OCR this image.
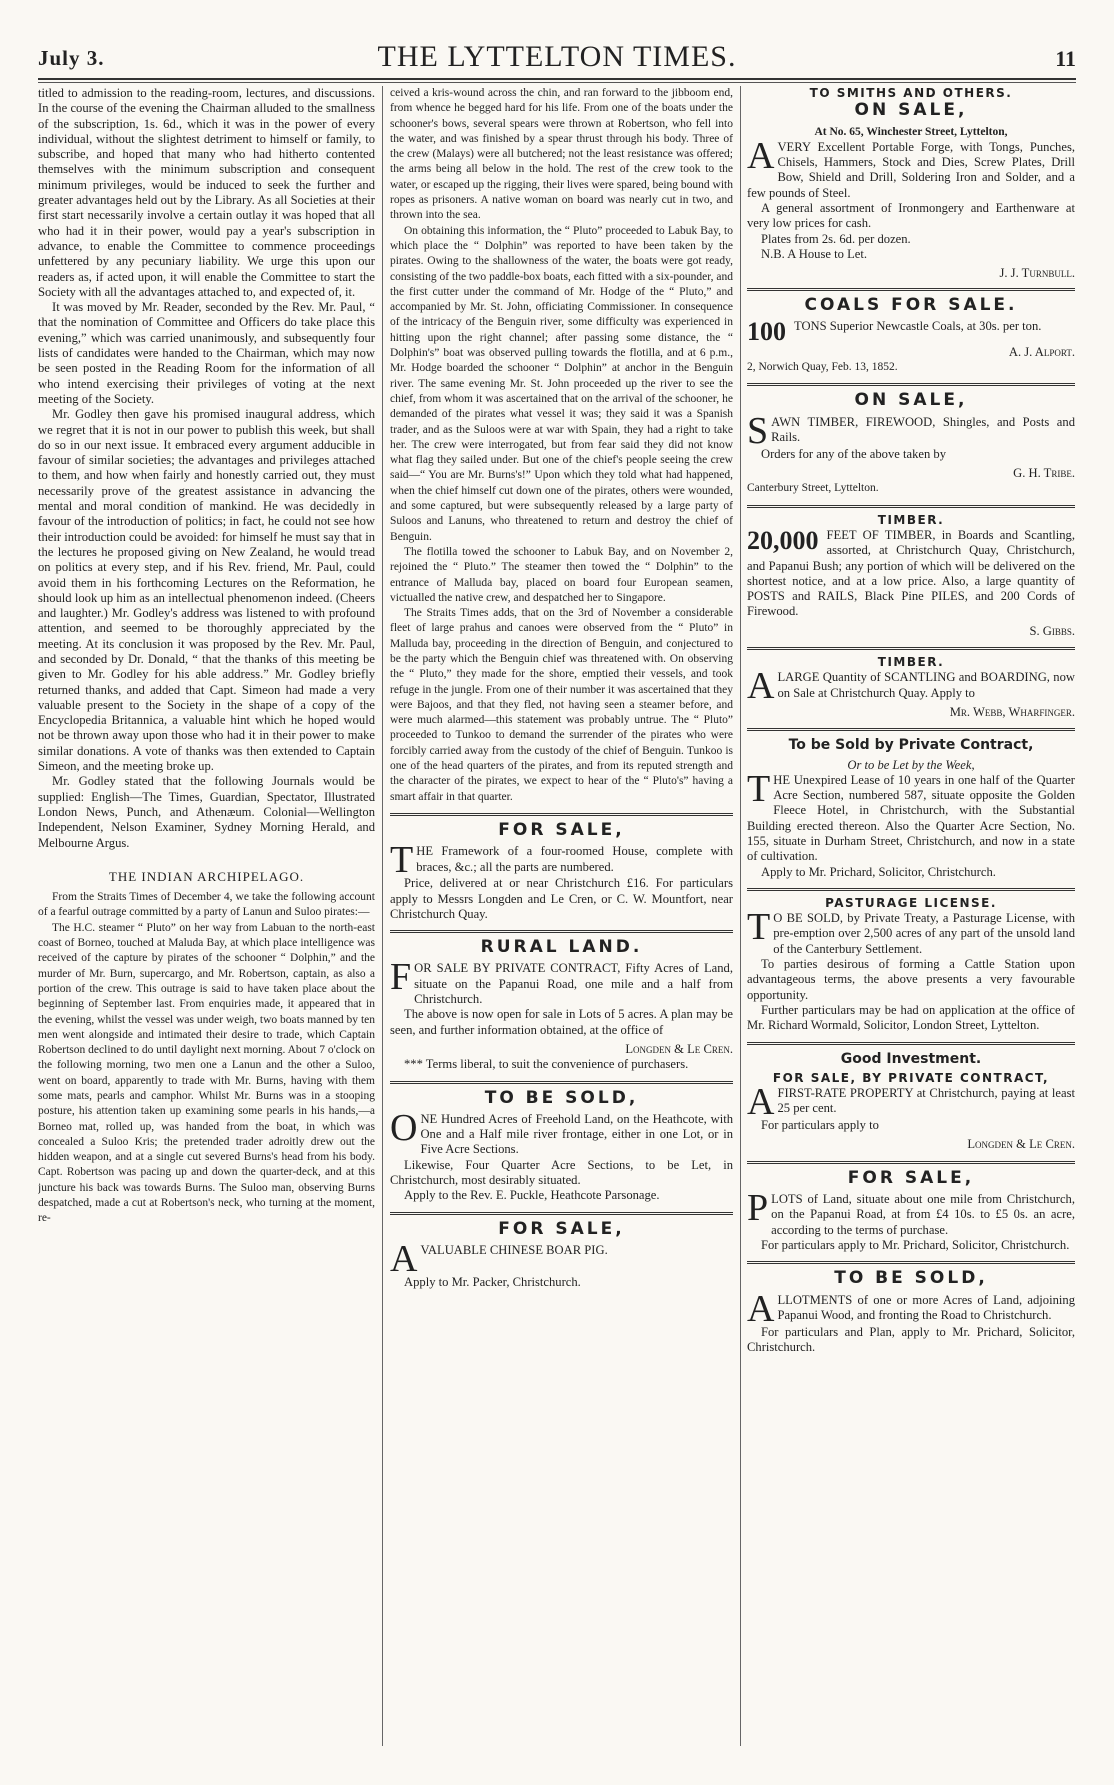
July 3.	THE LYTTELTON TIMES.	11

titled to admission to the reading-room, lectures, and discussions. In the course of the evening the Chairman alluded to the smallness of the subscription, 1s. 6d., which it was in the power of every individual, without the slightest detriment to himself or family, to subscribe, and hoped that many who had hitherto contented themselves with the minimum subscription and consequent minimum privileges, would be induced to seek the further and greater advantages held out by the Library. As all Societies at their first start necessarily involve a certain outlay it was hoped that all who had it in their power, would pay a year's subscription in advance, to enable the Committee to commence proceedings unfettered by any pecuniary liability. We urge this upon our readers as, if acted upon, it will enable the Committee to start the Society with all the advantages attached to, and expected of, it.

It was moved by Mr. Reader, seconded by the Rev. Mr. Paul, “ that the nomination of Committee and Officers do take place this evening,” which was carried unanimously, and subsequently four lists of candidates were handed to the Chairman, which may now be seen posted in the Reading Room for the information of all who intend exercising their privileges of voting at the next meeting of the Society.

Mr. Godley then gave his promised inaugural address, which we regret that it is not in our power to publish this week, but shall do so in our next issue. It embraced every argument adducible in favour of similar societies; the advantages and privileges attached to them, and how when fairly and honestly carried out, they must necessarily prove of the greatest assistance in advancing the mental and moral condition of mankind. He was decidedly in favour of the introduction of politics; in fact, he could not see how their introduction could be avoided: for himself he must say that in the lectures he proposed giving on New Zealand, he would tread on politics at every step, and if his Rev. friend, Mr. Paul, could avoid them in his forthcoming Lectures on the Reformation, he should look up him as an intellectual phenomenon indeed. (Cheers and laughter.) Mr. Godley's address was listened to with profound attention, and seemed to be thoroughly appreciated by the meeting. At its conclusion it was proposed by the Rev. Mr. Paul, and seconded by Dr. Donald, “ that the thanks of this meeting be given to Mr. Godley for his able address.” Mr. Godley briefly returned thanks, and added that Capt. Simeon had made a very valuable present to the Society in the shape of a copy of the Encyclopedia Britannica, a valuable hint which he hoped would not be thrown away upon those who had it in their power to make similar donations. A vote of thanks was then extended to Captain Simeon, and the meeting broke up.

Mr. Godley stated that the following Journals would be supplied: English—The Times, Guardian, Spectator, Illustrated London News, Punch, and Athenæum. Colonial—Wellington Independent, Nelson Examiner, Sydney Morning Herald, and Melbourne Argus.

THE INDIAN ARCHIPELAGO.

From the Straits Times of December 4, we take the following account of a fearful outrage committed by a party of Lanun and Suloo pirates:—

The H.C. steamer “ Pluto” on her way from Labuan to the north-east coast of Borneo, touched at Maluda Bay, at which place intelligence was received of the capture by pirates of the schooner “ Dolphin,” and the murder of Mr. Burn, supercargo, and Mr. Robertson, captain, as also a portion of the crew. This outrage is said to have taken place about the beginning of September last. From enquiries made, it appeared that in the evening, whilst the vessel was under weigh, two boats manned by ten men went alongside and intimated their desire to trade, which Captain Robertson declined to do until daylight next morning. About 7 o'clock on the following morning, two men one a Lanun and the other a Suloo, went on board, apparently to trade with Mr. Burns, having with them some mats, pearls and camphor. Whilst Mr. Burns was in a stooping posture, his attention taken up examining some pearls in his hands,—a Borneo mat, rolled up, was handed from the boat, in which was concealed a Suloo Kris; the pretended trader adroitly drew out the hidden weapon, and at a single cut severed Burns's head from his body. Capt. Robertson was pacing up and down the quarter-deck, and at this juncture his back was towards Burns. The Suloo man, observing Burns despatched, made a cut at Robertson's neck, who turning at the moment, re-

ceived a kris-wound across the chin, and ran forward to the jibboom end, from whence he begged hard for his life. From one of the boats under the schooner's bows, several spears were thrown at Robertson, who fell into the water, and was finished by a spear thrust through his body. Three of the crew (Malays) were all butchered; not the least resistance was offered; the arms being all below in the hold. The rest of the crew took to the water, or escaped up the rigging, their lives were spared, being bound with ropes as prisoners. A native woman on board was nearly cut in two, and thrown into the sea.

On obtaining this information, the “ Pluto” proceeded to Labuk Bay, to which place the “ Dolphin” was reported to have been taken by the pirates. Owing to the shallowness of the water, the boats were got ready, consisting of the two paddle-box boats, each fitted with a six-pounder, and the first cutter under the command of Mr. Hodge of the “ Pluto,” and accompanied by Mr. St. John, officiating Commissioner. In consequence of the intricacy of the Benguin river, some difficulty was experienced in hitting upon the right channel; after passing some distance, the “ Dolphin's” boat was observed pulling towards the flotilla, and at 6 p.m., Mr. Hodge boarded the schooner “ Dolphin” at anchor in the Benguin river. The same evening Mr. St. John proceeded up the river to see the chief, from whom it was ascertained that on the arrival of the schooner, he demanded of the pirates what vessel it was; they said it was a Spanish trader, and as the Suloos were at war with Spain, they had a right to take her. The crew were interrogated, but from fear said they did not know what flag they sailed under. But one of the chief's people seeing the crew said—“ You are Mr. Burns's!” Upon which they told what had happened, when the chief himself cut down one of the pirates, others were wounded, and some captured, but were subsequently released by a large party of Suloos and Lanuns, who threatened to return and destroy the chief of Benguin.

The flotilla towed the schooner to Labuk Bay, and on November 2, rejoined the “ Pluto.” The steamer then towed the “ Dolphin” to the entrance of Malluda bay, placed on board four European seamen, victualled the native crew, and despatched her to Singapore.

The Straits Times adds, that on the 3rd of November a considerable fleet of large prahus and canoes were observed from the “ Pluto” in Malluda bay, proceeding in the direction of Benguin, and conjectured to be the party which the Benguin chief was threatened with. On observing the “ Pluto,” they made for the shore, emptied their vessels, and took refuge in the jungle. From one of their number it was ascertained that they were Bajoos, and that they fled, not having seen a steamer before, and were much alarmed—this statement was probably untrue. The “ Pluto” proceeded to Tunkoo to demand the surrender of the pirates who were forcibly carried away from the custody of the chief of Benguin. Tunkoo is one of the head quarters of the pirates, and from its reputed strength and the character of the pirates, we expect to hear of the “ Pluto's” having a smart affair in that quarter.

FOR SALE,
T HE Framework of a four-roomed House, complete with braces, &c.; all the parts are numbered.

Price, delivered at or near Christchurch £16. For particulars apply to Messrs Longden and Le Cren, or C. W. Mountfort, near Christchurch Quay.

RURAL LAND.
F OR SALE BY PRIVATE CONTRACT, Fifty Acres of Land, situate on the Papanui Road, one mile and a half from Christchurch.

The above is now open for sale in Lots of 5 acres. A plan may be seen, and further information obtained, at the office of

Longden & Le Cren.

*** Terms liberal, to suit the convenience of purchasers.

TO BE SOLD,
O NE Hundred Acres of Freehold Land, on the Heathcote, with One and a Half mile river frontage, either in one Lot, or in Five Acre Sections.

Likewise, Four Quarter Acre Sections, to be Let, in Christchurch, most desirably situated.

Apply to the Rev. E. Puckle, Heathcote Parsonage.

FOR SALE,
A VALUABLE CHINESE BOAR PIG.

Apply to Mr. Packer, Christchurch.

TO SMITHS AND OTHERS.
ON SALE,
At No. 65, Winchester Street, Lyttelton,
A VERY Excellent Portable Forge, with Tongs, Punches, Chisels, Hammers, Stock and Dies, Screw Plates, Drill Bow, Shield and Drill, Soldering Iron and Solder, and a few pounds of Steel.

A general assortment of Ironmongery and Earthenware at very low prices for cash.

Plates from 2s. 6d. per dozen.

N.B. A House to Let.

J. J. Turnbull.
COALS FOR SALE.
100 TONS Superior Newcastle Coals, at 30s. per ton.
A. J. Alport.
2, Norwich Quay, Feb. 13, 1852.
ON SALE,
S AWN TIMBER, FIREWOOD, Shingles, and Posts and Rails.

Orders for any of the above taken by

G. H. Tribe.
Canterbury Street, Lyttelton.
TIMBER.
20,000 FEET OF TIMBER, in Boards and Scantling, assorted, at Christchurch Quay, Christchurch, and Papanui Bush; any portion of which will be delivered on the shortest notice, and at a low price. Also, a large quantity of POSTS and RAILS, Black Pine PILES, and 200 Cords of Firewood.
S. Gibbs.
TIMBER.
A LARGE Quantity of SCANTLING and BOARDING, now on Sale at Christchurch Quay. Apply to
Mr. Webb, Wharfinger.
To be Sold by Private Contract,
Or to be Let by the Week,
T HE Unexpired Lease of 10 years in one half of the Quarter Acre Section, numbered 587, situate opposite the Golden Fleece Hotel, in Christchurch, with the Substantial Building erected thereon. Also the Quarter Acre Section, No. 155, situate in Durham Street, Christchurch, and now in a state of cultivation.

Apply to Mr. Prichard, Solicitor, Christchurch.

PASTURAGE LICENSE.
T O BE SOLD, by Private Treaty, a Pasturage License, with pre-emption over 2,500 acres of any part of the unsold land of the Canterbury Settlement.

To parties desirous of forming a Cattle Station upon advantageous terms, the above presents a very favourable opportunity.

Further particulars may be had on application at the office of Mr. Richard Wormald, Solicitor, London Street, Lyttelton.

Good Investment.
FOR SALE, BY PRIVATE CONTRACT,
A FIRST-RATE PROPERTY at Christchurch, paying at least 25 per cent.

For particulars apply to

Longden & Le Cren.
FOR SALE,
P LOTS of Land, situate about one mile from Christchurch, on the Papanui Road, at from £4 10s. to £5 0s. an acre, according to the terms of purchase.

For particulars apply to Mr. Prichard, Solicitor, Christchurch.

TO BE SOLD,
A LLOTMENTS of one or more Acres of Land, adjoining Papanui Wood, and fronting the Road to Christchurch.

For particulars and Plan, apply to Mr. Prichard, Solicitor, Christchurch.
